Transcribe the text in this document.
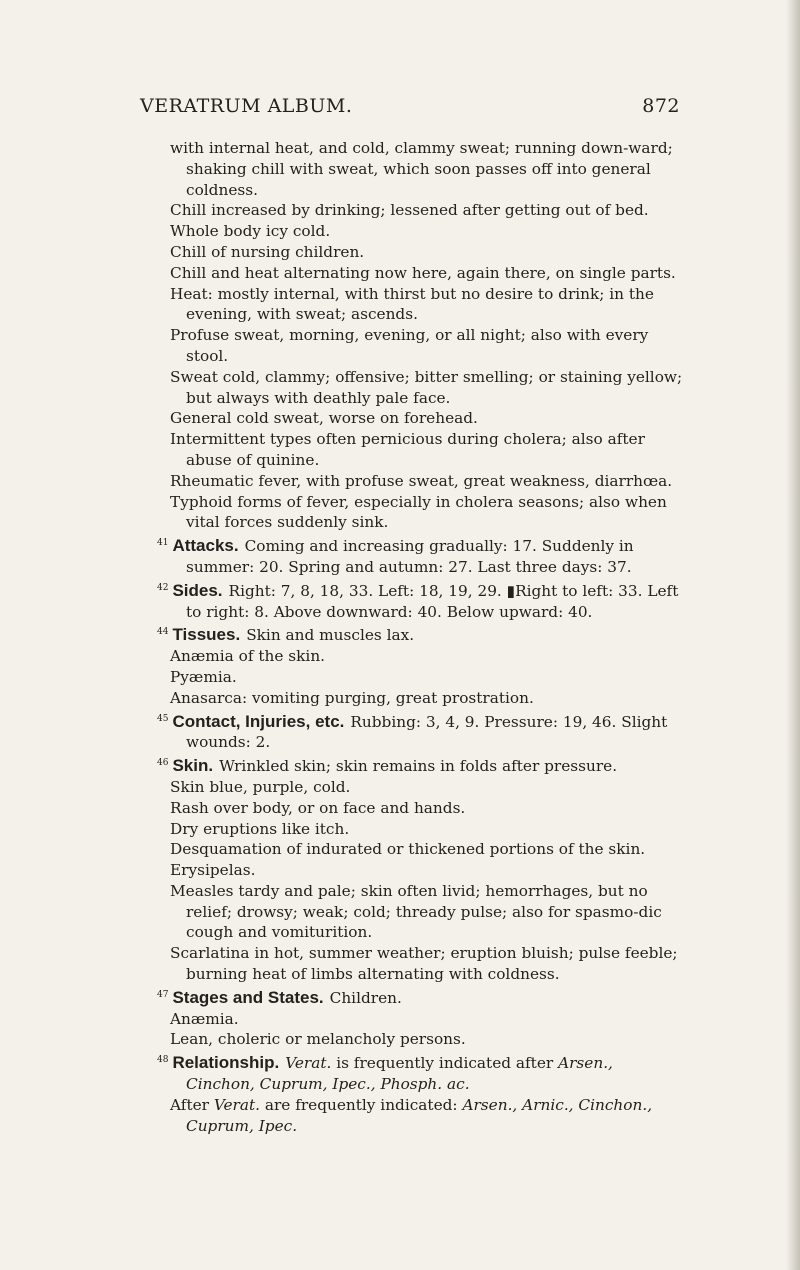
VERATRUM ALBUM.	872

with internal heat, and cold, clammy sweat; running down-ward; shaking chill with sweat, which soon passes off into general coldness.

Chill increased by drinking; lessened after getting out of bed.

Whole body icy cold.

Chill of nursing children.

Chill and heat alternating now here, again there, on single parts.

Heat: mostly internal, with thirst but no desire to drink; in the evening, with sweat; ascends.

Profuse sweat, morning, evening, or all night; also with every stool.

Sweat cold, clammy; offensive; bitter smelling; or staining yellow; but always with deathly pale face.

General cold sweat, worse on forehead.

Intermittent types often pernicious during cholera; also after abuse of quinine.

Rheumatic fever, with profuse sweat, great weakness, diarrhœa.

Typhoid forms of fever, especially in cholera seasons; also when vital forces suddenly sink.

$^{41}$ Attacks. Coming and increasing gradually: 17. Suddenly in summer: 20. Spring and autumn: 27. Last three days: 37.

$^{42}$ Sides. Right: 7, 8, 18, 33. Left: 18, 19, 29. ▮Right to left: 33. Left to right: 8. Above downward: 40. Below upward: 40.

$^{44}$ Tissues. Skin and muscles lax.

Anæmia of the skin.

Pyæmia.

Anasarca: vomiting purging, great prostration.

$^{45}$ Contact, Injuries, etc. Rubbing: 3, 4, 9. Pressure: 19, 46. Slight wounds: 2.

$^{46}$ Skin. Wrinkled skin; skin remains in folds after pressure.

Skin blue, purple, cold.

Rash over body, or on face and hands.

Dry eruptions like itch.

Desquamation of indurated or thickened portions of the skin.

Erysipelas.

Measles tardy and pale; skin often livid; hemorrhages, but no relief; drowsy; weak; cold; thready pulse; also for spasmo-dic cough and vomiturition.

Scarlatina in hot, summer weather; eruption bluish; pulse feeble; burning heat of limbs alternating with coldness.

$^{47}$ Stages and States. Children.

Anæmia.

Lean, choleric or melancholy persons.

$^{48}$ Relationship. Verat. is frequently indicated after Arsen., Cinchon, Cuprum, Ipec., Phosph. ac.

After Verat. are frequently indicated: Arsen., Arnic., Cinchon., Cuprum, Ipec.
